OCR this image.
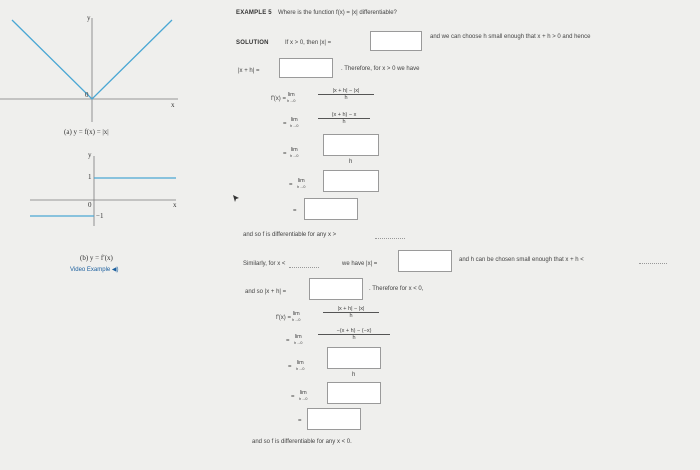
y
0
x
(a) y = f(x) = |x|
y
1
0
−1
x
(b) y = f′(x)
Video Example ◀)
EXAMPLE 5 Where is the function f(x) = |x| differentiable?
SOLUTION	If x > 0, then |x| =
and we can choose h small enough that x + h > 0 and hence
|x + h| =	. Therefore, for x > 0 we have
f′(x) =
lim
h→0	$\frac{|x + h| - |x|}{h}$
=
lim
h→0
$\frac{(x + h) - x}{h}$
=
lim
h→0
h
=
lim
h→0
=
and so f is differentiable for any x >
Similarly, for x <	we have |x| =
and h can be chosen small enough that x + h <
and so |x + h| =	. Therefore for x < 0,
f′(x) =
lim
h→0
$\frac{|x + h| - |x|}{h}$
=
lim
h→0
$\frac{-(x + h) - (-x)}{h}$
=
lim
h→0
h
=
lim
h→0
=
and so f is differentiable for any x < 0.
